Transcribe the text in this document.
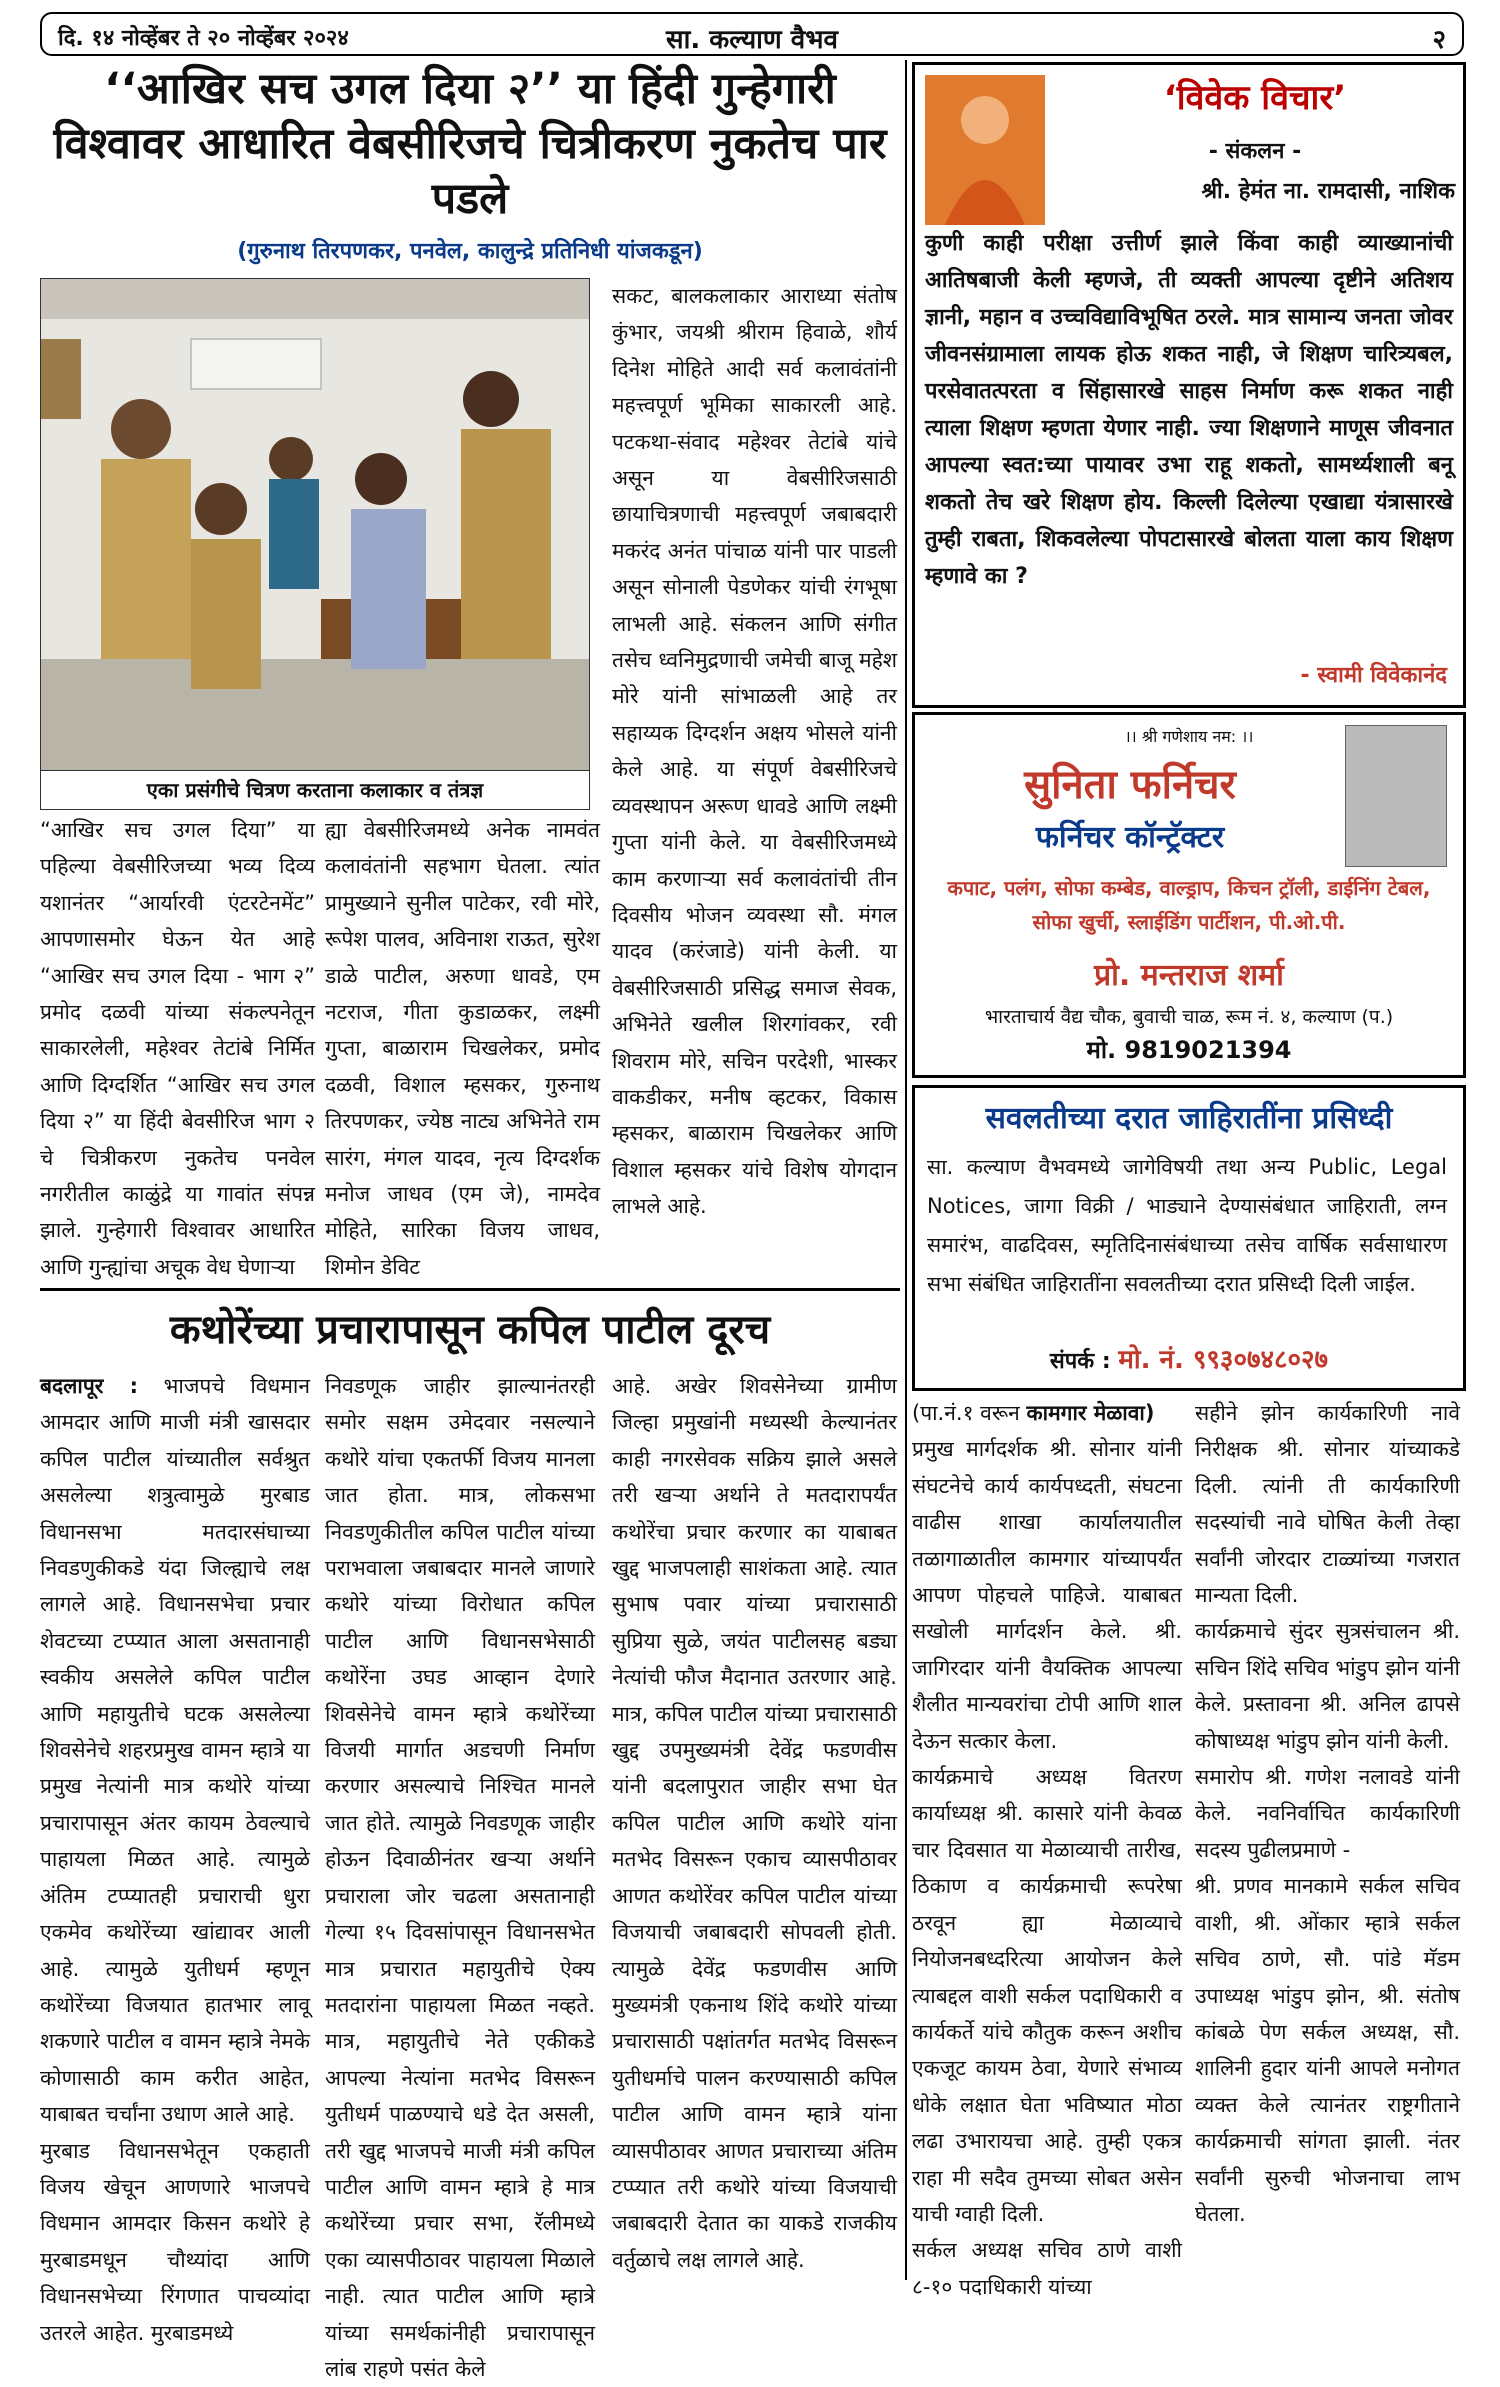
दि. १४ नोव्हेंबर ते २० नोव्हेंबर २०२४	सा. कल्याण वैभव	२
‘‘आखिर सच उगल दिया २’’ या हिंदी गुन्हेगारी विश्वावर आधारित वेबसीरिजचे चित्रीकरण नुकतेच पार पडले
(गुरुनाथ तिरपणकर, पनवेल, कालुन्द्रे प्रतिनिधी यांजकडून)
एका प्रसंगीचे चित्रण करताना कलाकार व तंत्रज्ञ
“आखिर सच उगल दिया” या पहिल्या वेबसीरिजच्या भव्य दिव्य यशानंतर “आर्यारवी एंटरटेनमेंट” आपणासमोर घेऊन येत आहे “आखिर सच उगल दिया - भाग २” प्रमोद दळवी यांच्या संकल्पनेतून साकारलेली, महेश्वर तेटांबे निर्मित आणि दिग्दर्शित “आखिर सच उगल दिया २” या हिंदी बेवसीरिज भाग २ चे चित्रीकरण नुकतेच पनवेल नगरीतील काळुंद्रे या गावांत संपन्न झाले. गुन्हेगारी विश्वावर आधारित आणि गुन्ह्यांचा अचूक वेध घेणाऱ्या
ह्या वेबसीरिजमध्ये अनेक नामवंत कलावंतांनी सहभाग घेतला. त्यांत प्रामुख्याने सुनील पाटेकर, रवी मोरे, रूपेश पालव, अविनाश राऊत, सुरेश डाळे पाटील, अरुणा धावडे, एम नटराज, गीता कुडाळकर, लक्ष्मी गुप्ता, बाळाराम चिखलेकर, प्रमोद दळवी, विशाल म्हसकर, गुरुनाथ तिरपणकर, ज्येष्ठ नाट्य अभिनेते राम सारंग, मंगल यादव, नृत्य दिग्दर्शक मनोज जाधव (एम जे), नामदेव मोहिते, सारिका विजय जाधव, शिमोन डेविट
सकट, बालकलाकार आराध्या संतोष कुंभार, जयश्री श्रीराम हिवाळे, शौर्य दिनेश मोहिते आदी सर्व कलावंतांनी महत्त्वपूर्ण भूमिका साकारली आहे. पटकथा-संवाद महेश्वर तेटांबे यांचे असून या वेबसीरिजसाठी छायाचित्रणाची महत्त्वपूर्ण जबाबदारी मकरंद अनंत पांचाळ यांनी पार पाडली असून सोनाली पेडणेकर यांची रंगभूषा लाभली आहे. संकलन आणि संगीत तसेच ध्वनिमुद्रणाची जमेची बाजू महेश मोरे यांनी सांभाळली आहे तर सहाय्यक दिग्दर्शन अक्षय भोसले यांनी केले आहे. या संपूर्ण वेबसीरिजचे व्यवस्थापन अरूण धावडे आणि लक्ष्मी गुप्ता यांनी केले. या वेबसीरिजमध्ये काम करणाऱ्या सर्व कलावंतांची तीन दिवसीय भोजन व्यवस्था सौ. मंगल यादव (करंजाडे) यांनी केली. या वेबसीरिजसाठी प्रसिद्ध समाज सेवक, अभिनेते खलील शिरगांवकर, रवी शिवराम मोरे, सचिन परदेशी, भास्कर वाकडीकर, मनीष व्हटकर, विकास म्हसकर, बाळाराम चिखलेकर आणि विशाल म्हसकर यांचे विशेष योगदान लाभले आहे.
कथोरेंच्या प्रचारापासून कपिल पाटील दूरच
बदलापूर : भाजपचे विधमान आमदार आणि माजी मंत्री खासदार कपिल पाटील यांच्यातील सर्वश्रुत असलेल्या शत्रुत्वामुळे मुरबाड विधानसभा मतदारसंघाच्या निवडणुकीकडे यंदा जिल्ह्याचे लक्ष लागले आहे. विधानसभेचा प्रचार शेवटच्या टप्प्यात आला असतानाही स्वकीय असलेले कपिल पाटील आणि महायुतीचे घटक असलेल्या शिवसेनेचे शहरप्रमुख वामन म्हात्रे या प्रमुख नेत्यांनी मात्र कथोरे यांच्या प्रचारापासून अंतर कायम ठेवल्याचे पाहायला मिळत आहे. त्यामुळे अंतिम टप्प्यातही प्रचाराची धुरा एकमेव कथोरेंच्या खांद्यावर आली आहे. त्यामुळे युतीधर्म म्हणून कथोरेंच्या विजयात हातभार लावू शकणारे पाटील व वामन म्हात्रे नेमके कोणासाठी काम करीत आहेत, याबाबत चर्चांना उधाण आले आहे.
मुरबाड विधानसभेतून एकहाती विजय खेचून आणणारे भाजपचे विधमान आमदार किसन कथोरे हे मुरबाडमधून चौथ्यांदा आणि विधानसभेच्या रिंगणात पाचव्यांदा उतरले आहेत. मुरबाडमध्ये
निवडणूक जाहीर झाल्यानंतरही समोर सक्षम उमेदवार नसल्याने कथोरे यांचा एकतर्फी विजय मानला जात होता. मात्र, लोकसभा निवडणुकीतील कपिल पाटील यांच्या पराभवाला जबाबदार मानले जाणारे कथोरे यांच्या विरोधात कपिल पाटील आणि विधानसभेसाठी कथोरेंना उघड आव्हान देणारे शिवसेनेचे वामन म्हात्रे कथोरेंच्या विजयी मार्गात अडचणी निर्माण करणार असल्याचे निश्चित मानले जात होते. त्यामुळे निवडणूक जाहीर होऊन दिवाळीनंतर खऱ्या अर्थाने प्रचाराला जोर चढला असतानाही गेल्या १५ दिवसांपासून विधानसभेत मात्र प्रचारात महायुतीचे ऐक्य मतदारांना पाहायला मिळत नव्हते. मात्र, महायुतीचे नेते एकीकडे आपल्या नेत्यांना मतभेद विसरून युतीधर्म पाळण्याचे धडे देत असली, तरी खुद्द भाजपचे माजी मंत्री कपिल पाटील आणि वामन म्हात्रे हे मात्र कथोरेंच्या प्रचार सभा, रॅलीमध्ये एका व्यासपीठावर पाहायला मिळाले नाही. त्यात पाटील आणि म्हात्रे यांच्या समर्थकांनीही प्रचारापासून लांब राहणे पसंत केले
आहे. अखेर शिवसेनेच्या ग्रामीण जिल्हा प्रमुखांनी मध्यस्थी केल्यानंतर काही नगरसेवक सक्रिय झाले असले तरी खऱ्या अर्थाने ते मतदारापर्यंत कथोरेंचा प्रचार करणार का याबाबत खुद्द भाजपलाही साशंकता आहे. त्यात सुभाष पवार यांच्या प्रचारासाठी सुप्रिया सुळे, जयंत पाटीलसह बड्या नेत्यांची फौज मैदानात उतरणार आहे. मात्र, कपिल पाटील यांच्या प्रचारासाठी खुद्द उपमुख्यमंत्री देवेंद्र फडणवीस यांनी बदलापुरात जाहीर सभा घेत कपिल पाटील आणि कथोरे यांना मतभेद विसरून एकाच व्यासपीठावर आणत कथोरेंवर कपिल पाटील यांच्या विजयाची जबाबदारी सोपवली होती. त्यामुळे देवेंद्र फडणवीस आणि मुख्यमंत्री एकनाथ शिंदे कथोरे यांच्या प्रचारासाठी पक्षांतर्गत मतभेद विसरून युतीधर्माचे पालन करण्यासाठी कपिल पाटील आणि वामन म्हात्रे यांना व्यासपीठावर आणत प्रचाराच्या अंतिम टप्प्यात तरी कथोरे यांच्या विजयाची जबाबदारी देतात का याकडे राजकीय वर्तुळाचे लक्ष लागले आहे.
‘विवेक विचार’
- संकलन -
श्री. हेमंत ना. रामदासी, नाशिक
कुणी काही परीक्षा उत्तीर्ण झाले किंवा काही व्याख्यानांची आतिषबाजी केली म्हणजे, ती व्यक्ती आपल्या दृष्टीने अतिशय ज्ञानी, महान व उच्चविद्याविभूषित ठरले. मात्र सामान्य जनता जोवर जीवनसंग्रामाला लायक होऊ शकत नाही, जे शिक्षण चारित्र्यबल, परसेवातत्परता व सिंहासारखे साहस निर्माण करू शकत नाही त्याला शिक्षण म्हणता येणार नाही. ज्या शिक्षणाने माणूस जीवनात आपल्या स्वत:च्या पायावर उभा राहू शकतो, सामर्थ्यशाली बनू शकतो तेच खरे शिक्षण होय. किल्ली दिलेल्या एखाद्या यंत्रासारखे तुम्ही राबता, शिकवलेल्या पोपटासारखे बोलता याला काय शिक्षण म्हणावे का ?
- स्वामी विवेकानंद
।। श्री गणेशाय नम: ।।
सुनिता फर्निचर
फर्निचर कॉन्ट्रॅक्टर
कपाट, पलंग, सोफा कम्बेड, वाल्ड्राप, किचन ट्रॉली, डाईनिंग टेबल, सोफा खुर्ची, स्लाईडिंग पार्टीशन, पी.ओ.पी.
प्रो. मन्तराज शर्मा
भारताचार्य वैद्य चौक, बुवाची चाळ, रूम नं. ४, कल्याण (प.)
मो. 9819021394
सवलतीच्या दरात जाहिरातींना प्रसिध्दी
सा. कल्याण वैभवमध्ये जागेविषयी तथा अन्य Public, Legal Notices, जागा विक्री / भाड्याने देण्यासंबंधात जाहिराती, लग्न समारंभ, वाढदिवस, स्मृतिदिनासंबंधाच्या तसेच वार्षिक सर्वसाधारण सभा संबंधित जाहिरातींना सवलतीच्या दरात प्रसिध्दी दिली जाईल.
संपर्क : मो. नं. ९९३०७४८०२७
(पा.नं.१ वरून कामगार मेळावा)
प्रमुख मार्गदर्शक श्री. सोनार यांनी संघटनेचे कार्य कार्यपध्दती, संघटना वाढीस शाखा कार्यालयातील तळागाळातील कामगार यांच्यापर्यंत आपण पोहचले पाहिजे. याबाबत सखोली मार्गदर्शन केले. श्री. जागिरदार यांनी वैयक्तिक आपल्या शैलीत मान्यवरांचा टोपी आणि शाल देऊन सत्कार केला.
कार्यक्रमाचे अध्यक्ष वितरण कार्याध्यक्ष श्री. कासारे यांनी केवळ चार दिवसात या मेळाव्याची तारीख, ठिकाण व कार्यक्रमाची रूपरेषा ठरवून ह्या मेळाव्याचे नियोजनबध्दरित्या आयोजन केले त्याबद्दल वाशी सर्कल पदाधिकारी व कार्यकर्ते यांचे कौतुक करून अशीच एकजूट कायम ठेवा, येणारे संभाव्य धोके लक्षात घेता भविष्यात मोठा लढा उभारायचा आहे. तुम्ही एकत्र राहा मी सदैव तुमच्या सोबत असेन याची ग्वाही दिली.
सर्कल अध्यक्ष सचिव ठाणे वाशी ८-१० पदाधिकारी यांच्या
सहीने झोन कार्यकारिणी नावे निरीक्षक श्री. सोनार यांच्याकडे दिली. त्यांनी ती कार्यकारिणी सदस्यांची नावे घोषित केली तेव्हा सर्वांनी जोरदार टाळ्यांच्या गजरात मान्यता दिली.
कार्यक्रमाचे सुंदर सुत्रसंचालन श्री. सचिन शिंदे सचिव भांडुप झोन यांनी केले. प्रस्तावना श्री. अनिल ढापसे कोषाध्यक्ष भांडुप झोन यांनी केली.
समारोप श्री. गणेश नलावडे यांनी केले. नवनिर्वाचित कार्यकारिणी सदस्य पुढीलप्रमाणे -
श्री. प्रणव मानकामे सर्कल सचिव वाशी, श्री. ओंकार म्हात्रे सर्कल सचिव ठाणे, सौ. पांडे मॅडम उपाध्यक्ष भांडुप झोन, श्री. संतोष कांबळे पेण सर्कल अध्यक्ष, सौ. शालिनी हुदार यांनी आपले मनोगत व्यक्त केले त्यानंतर राष्ट्रगीताने कार्यक्रमाची सांगता झाली. नंतर सर्वांनी सुरुची भोजनाचा लाभ घेतला.
